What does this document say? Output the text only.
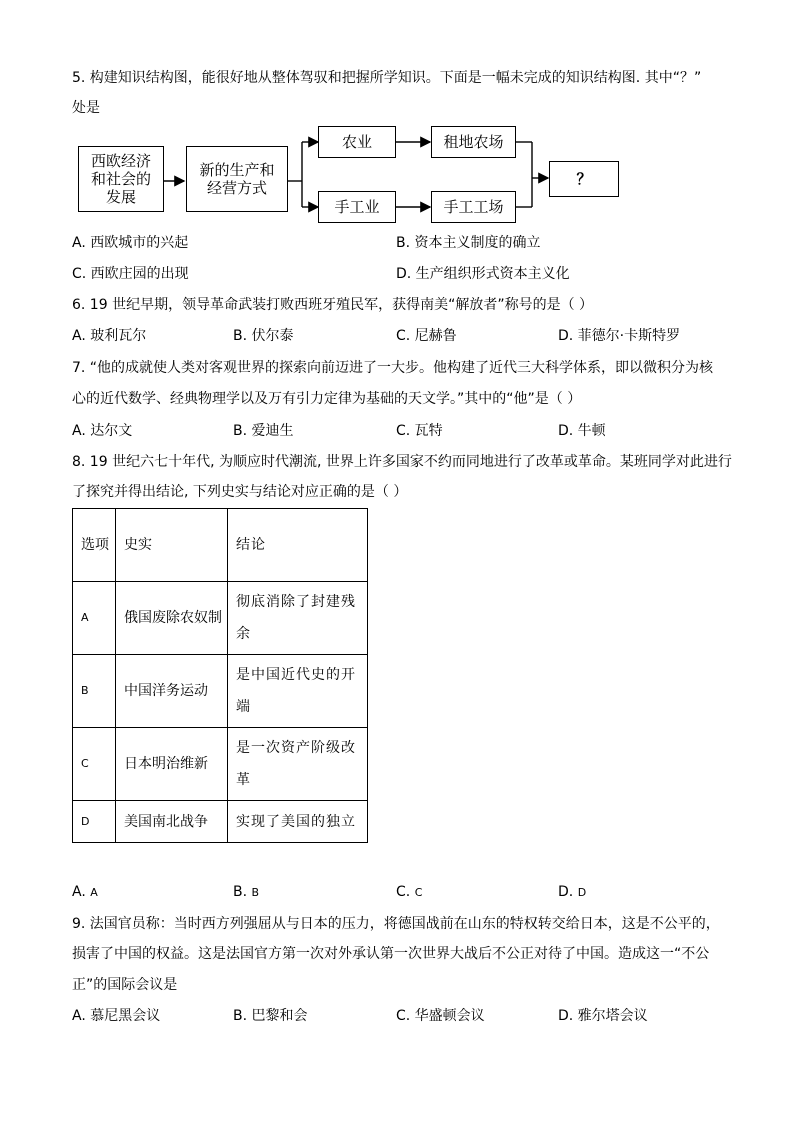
5. 构建知识结构图，能很好地从整体驾驭和把握所学知识。下面是一幅未完成的知识结构图. 其中“？”
处是
西欧经济和社会的发展
新的生产和经营方式
农业
手工业
租地农场
手工工场
？
A. 西欧城市的兴起	B. 资本主义制度的确立
C. 西欧庄园的出现	D. 生产组织形式资本主义化
6. 19 世纪早期，领导革命武装打败西班牙殖民军，获得南美“解放者”称号的是（ ）
A. 玻利瓦尔	B. 伏尔泰	C. 尼赫鲁	D. 菲德尔·卡斯特罗
7. “他的成就使人类对客观世界的探索向前迈进了一大步。他构建了近代三大科学体系，即以微积分为核
心的近代数学、经典物理学以及万有引力定律为基础的天文学。”其中的“他”是（ ）
A. 达尔文	B. 爱迪生	C. 瓦特	D. 牛顿
8. 19 世纪六七十年代, 为顺应时代潮流, 世界上许多国家不约而同地进行了改革或革命。某班同学对此进行
了探究并得出结论, 下列史实与结论对应正确的是（ ）
选项	史实	结论
A	俄国废除农奴制	彻底消除了封建残余
B	中国洋务运动	是中国近代史的开端
C	日本明治维新	是一次资产阶级改革
D	美国南北战争	实现了美国的独立
A. A	B. B	C. C	D. D
9. 法国官员称：当时西方列强屈从与日本的压力，将德国战前在山东的特权转交给日本，这是不公平的，
损害了中国的权益。这是法国官方第一次对外承认第一次世界大战后不公正对待了中国。造成这一“不公
正”的国际会议是
A. 慕尼黑会议	B. 巴黎和会	C. 华盛顿会议	D. 雅尔塔会议
